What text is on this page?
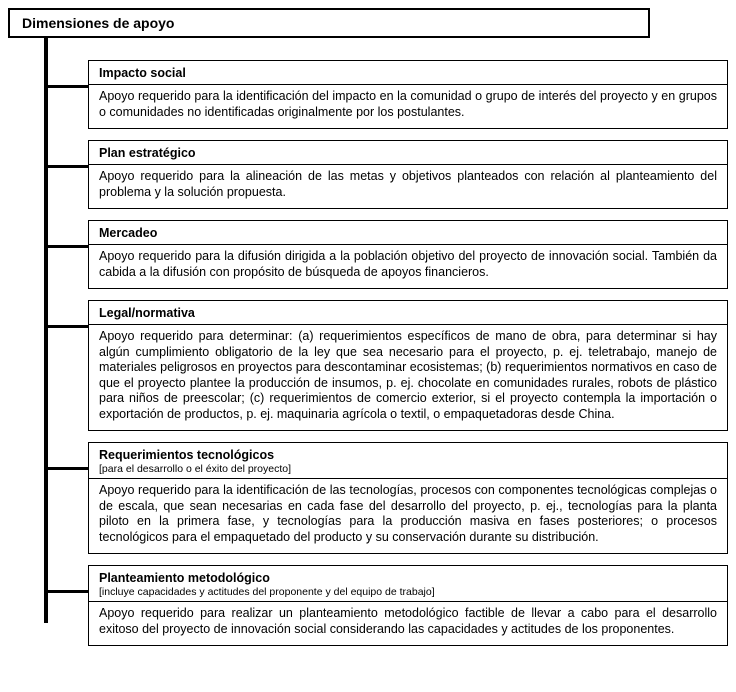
Dimensiones de apoyo
Impacto social
Apoyo requerido para la identificación del impacto en la comunidad o grupo de interés del proyecto y en grupos o comunidades no identificadas originalmente por los postulantes.
Plan estratégico
Apoyo requerido para la alineación de las metas y objetivos planteados con relación al planteamiento del problema y la solución propuesta.
Mercadeo
Apoyo requerido para la difusión dirigida a la población objetivo del proyecto de innovación social. También da cabida a la difusión con propósito de búsqueda de apoyos financieros.
Legal/normativa
Apoyo requerido para determinar: (a) requerimientos específicos de mano de obra, para determinar si hay algún cumplimiento obligatorio de la ley que sea necesario para el proyecto, p. ej. teletrabajo, manejo de materiales peligrosos en proyectos para descontaminar ecosistemas; (b) requerimientos normativos en caso de que el proyecto plantee la producción de insumos, p. ej. chocolate en comunidades rurales, robots de plástico para niños de preescolar; (c) requerimientos de comercio exterior, si el proyecto contempla la importación o exportación de productos, p. ej. maquinaria agrícola o textil, o empaquetadoras desde China.
Requerimientos tecnológicos
[para el desarrollo o el éxito del proyecto]
Apoyo requerido para la identificación de las tecnologías, procesos con componentes tecnológicas complejas o de escala, que sean necesarias en cada fase del desarrollo del proyecto, p. ej., tecnologías para la planta piloto en la primera fase, y tecnologías para la producción masiva en fases posteriores; o procesos tecnológicos para el empaquetado del producto y su conservación durante su distribución.
Planteamiento metodológico
[incluye capacidades y actitudes del proponente y del equipo de trabajo]
Apoyo requerido para realizar un planteamiento metodológico factible de llevar a cabo para el desarrollo exitoso del proyecto de innovación social considerando las capacidades y actitudes de los proponentes.
